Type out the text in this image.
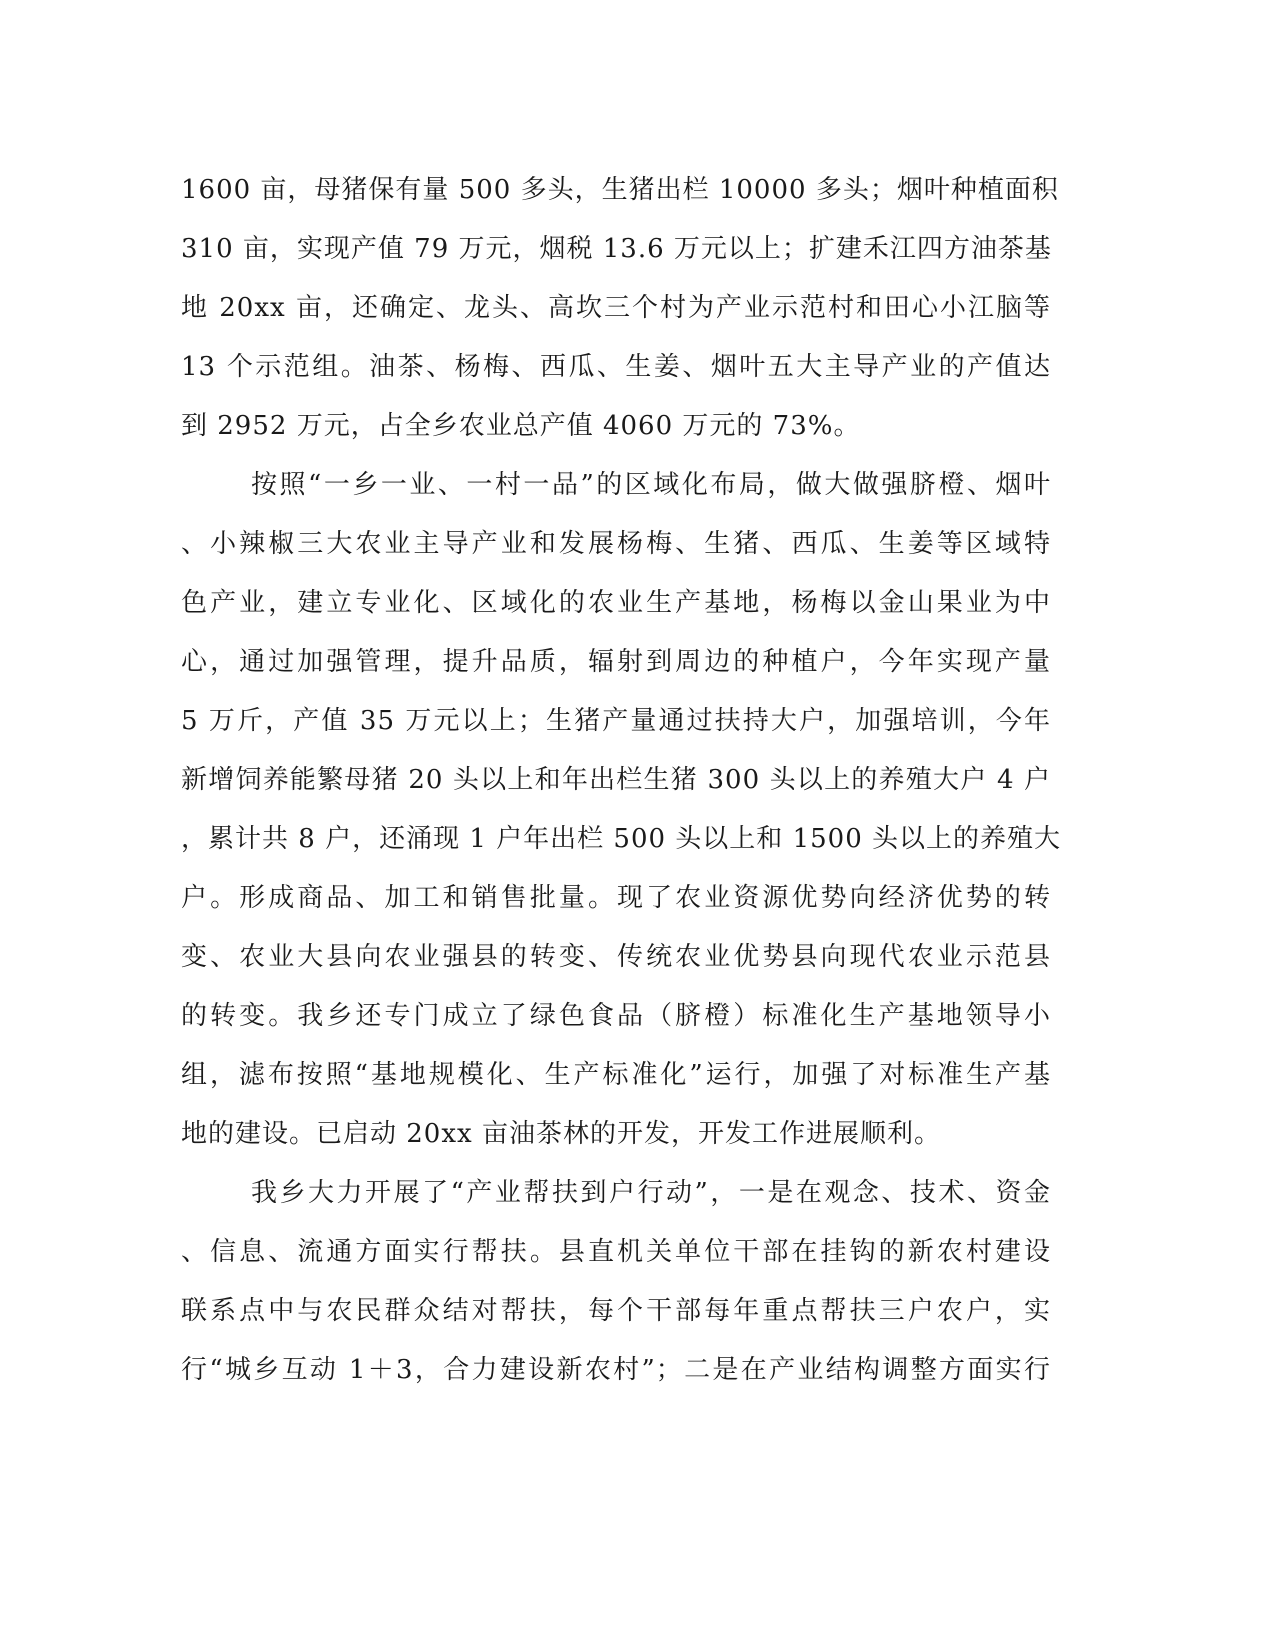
1600 亩，母猪保有量 500 多头，生猪出栏 10000 多头；烟叶种植面积
310 亩，实现产值 79 万元，烟税 13.6 万元以上；扩建禾江四方油茶基
地 20xx 亩，还确定、龙头、高坎三个村为产业示范村和田心小江脑等
13 个示范组。油茶、杨梅、西瓜、生姜、烟叶五大主导产业的产值达
到 2952 万元，占全乡农业总产值 4060 万元的 73%。
按照“一乡一业、一村一品”的区域化布局，做大做强脐橙、烟叶
、小辣椒三大农业主导产业和发展杨梅、生猪、西瓜、生姜等区域特
色产业，建立专业化、区域化的农业生产基地，杨梅以金山果业为中
心，通过加强管理，提升品质，辐射到周边的种植户，今年实现产量
5 万斤，产值 35 万元以上；生猪产量通过扶持大户，加强培训，今年
新增饲养能繁母猪 20 头以上和年出栏生猪 300 头以上的养殖大户 4 户
，累计共 8 户，还涌现 1 户年出栏 500 头以上和 1500 头以上的养殖大
户。形成商品、加工和销售批量。现了农业资源优势向经济优势的转
变、农业大县向农业强县的转变、传统农业优势县向现代农业示范县
的转变。我乡还专门成立了绿色食品（脐橙）标准化生产基地领导小
组，滤布按照“基地规模化、生产标准化”运行，加强了对标准生产基
地的建设。已启动 20xx 亩油茶林的开发，开发工作进展顺利。
我乡大力开展了“产业帮扶到户行动”，一是在观念、技术、资金
、信息、流通方面实行帮扶。县直机关单位干部在挂钩的新农村建设
联系点中与农民群众结对帮扶，每个干部每年重点帮扶三户农户，实
行“城乡互动 1＋3，合力建设新农村”；二是在产业结构调整方面实行
